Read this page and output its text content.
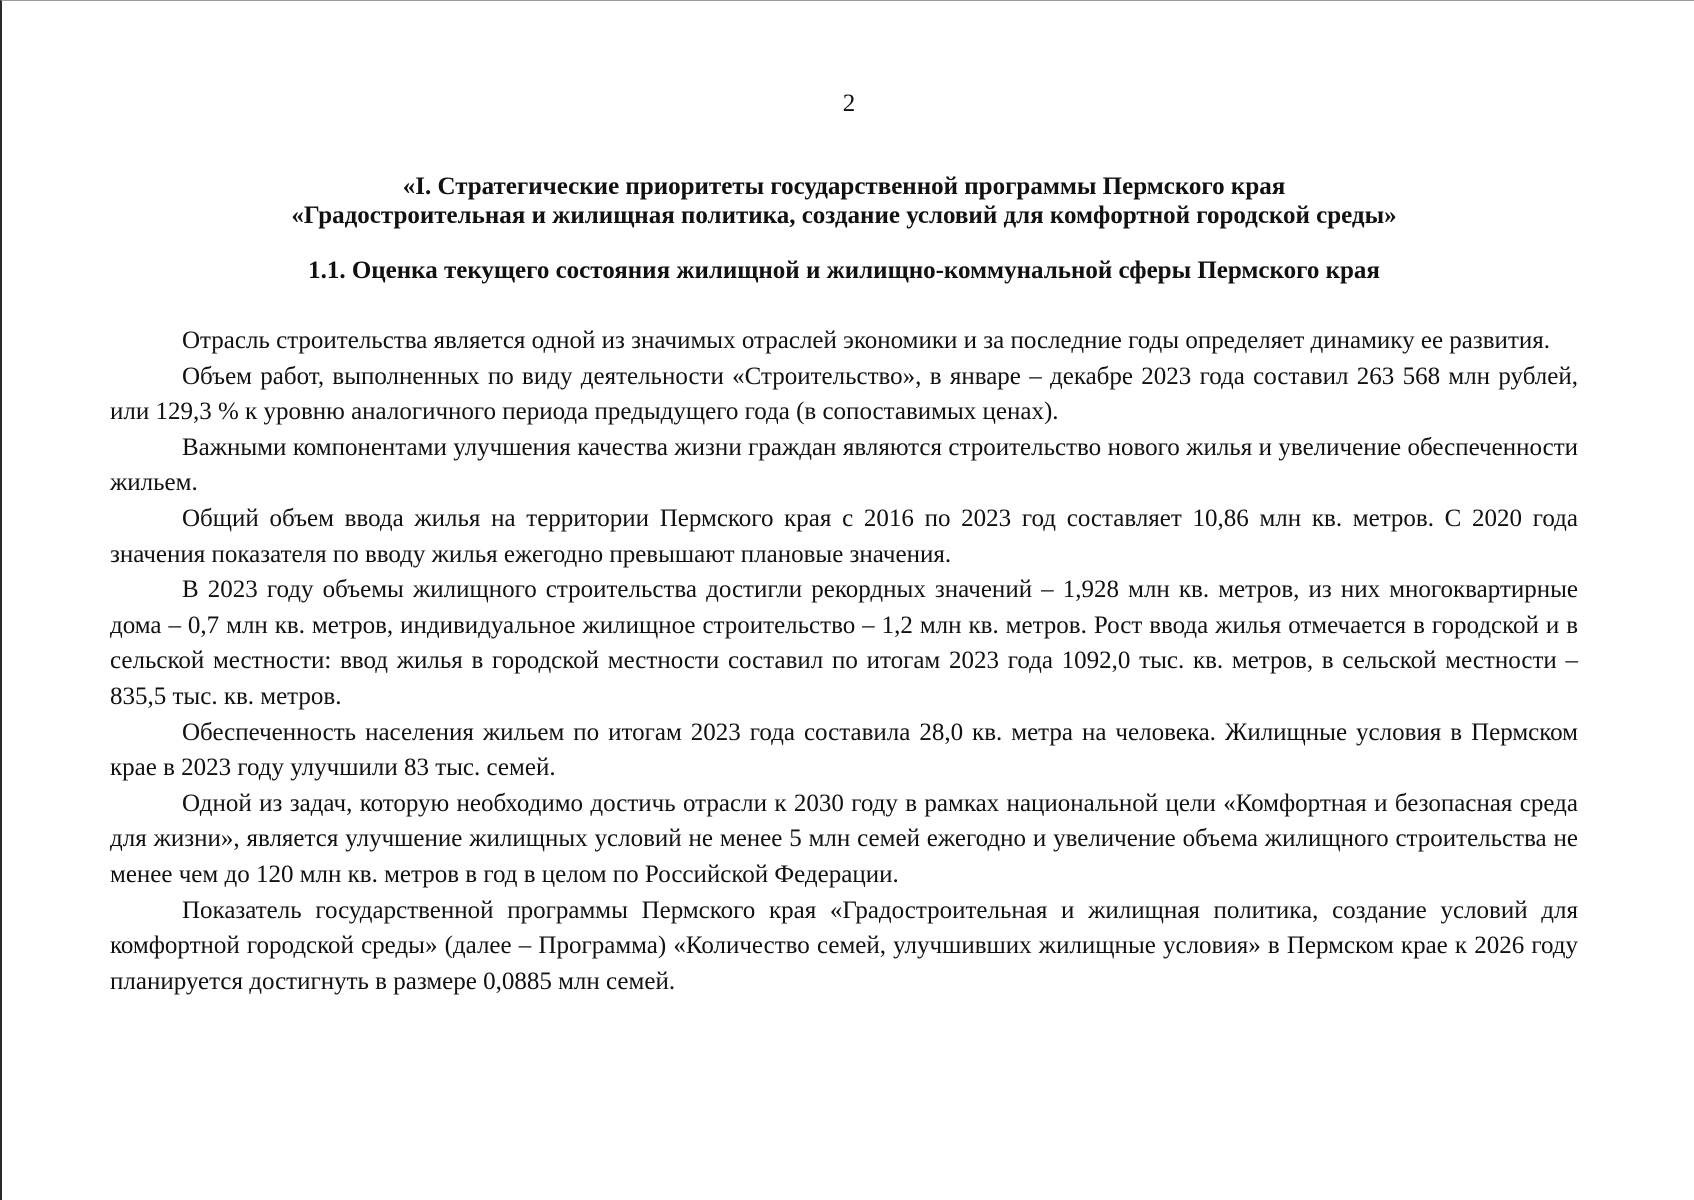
2
«I. Стратегические приоритеты государственной программы Пермского края
«Градостроительная и жилищная политика, создание условий для комфортной городской среды»
1.1. Оценка текущего состояния жилищной и жилищно-коммунальной сферы Пермского края

Отрасль строительства является одной из значимых отраслей экономики и за последние годы определяет динамику ее развития.

Объем работ, выполненных по виду деятельности «Строительство», в январе – декабре 2023 года составил 263 568 млн рублей, или 129,3 % к уровню аналогичного периода предыдущего года (в сопоставимых ценах).

Важными компонентами улучшения качества жизни граждан являются строительство нового жилья и увеличение обеспеченности жильем.

Общий объем ввода жилья на территории Пермского края с 2016 по 2023 год составляет 10,86 млн кв. метров. С 2020 года значения показателя по вводу жилья ежегодно превышают плановые значения.

В 2023 году объемы жилищного строительства достигли рекордных значений – 1,928 млн кв. метров, из них многоквартирные дома – 0,7 млн кв. метров, индивидуальное жилищное строительство – 1,2 млн кв. метров. Рост ввода жилья отмечается в городской и в сельской местности: ввод жилья в городской местности составил по итогам 2023 года 1092,0 тыс. кв. метров, в сельской местности – 835,5 тыс. кв. метров.

Обеспеченность населения жильем по итогам 2023 года составила 28,0 кв. метра на человека. Жилищные условия в Пермском крае в 2023 году улучшили 83 тыс. семей.

Одной из задач, которую необходимо достичь отрасли к 2030 году в рамках национальной цели «Комфортная и безопасная среда для жизни», является улучшение жилищных условий не менее 5 млн семей ежегодно и увеличение объема жилищного строительства не менее чем до 120 млн кв. метров в год в целом по Российской Федерации.

Показатель государственной программы Пермского края «Градостроительная и жилищная политика, создание условий для комфортной городской среды» (далее – Программа) «Количество семей, улучшивших жилищные условия» в Пермском крае к 2026 году планируется достигнуть в размере 0,0885 млн семей.
